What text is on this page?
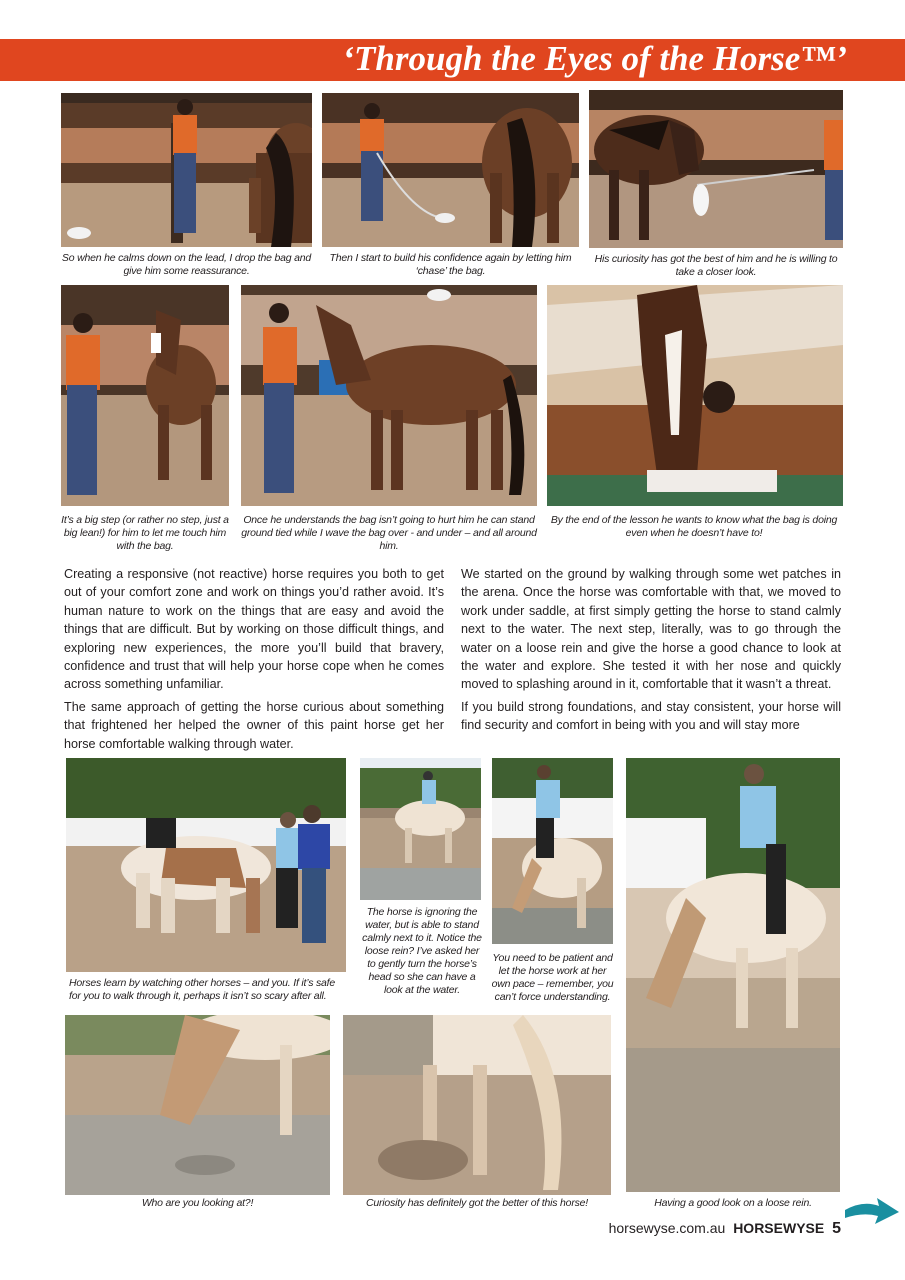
‘Through the Eyes of the Horse™’
So when he calms down on the lead, I drop the bag and give him some reassurance.
Then I start to build his confidence again by letting him ‘chase’ the bag.
His curiosity has got the best of him and he is willing to take a closer look.
It’s a big step (or rather no step, just a big lean!) for him to let me touch him with the bag.
Once he understands the bag isn’t going to hurt him he can stand ground tied while I wave the bag over - and under – and all around him.
By the end of the lesson he wants to know what the bag is doing even when he doesn’t have to!

Creating a responsive (not reactive) horse requires you both to get out of your comfort zone and work on things you’d rather avoid. It’s human nature to work on the things that are easy and avoid the things that are difficult. But by working on those difficult things, and exploring new experiences, the more you’ll build that bravery, confidence and trust that will help your horse cope when he comes across something unfamiliar.

The same approach of getting the horse curious about something that frightened her helped the owner of this paint horse get her horse comfortable walking through water.

We started on the ground by walking through some wet patches in the arena. Once the horse was comfortable with that, we moved to work under saddle, at first simply getting the horse to stand calmly next to the water. The next step, literally, was to go through the water on a loose rein and give the horse a good chance to look at the water and explore. She tested it with her nose and quickly moved to splashing around in it, comfortable that it wasn’t a threat.

If you build strong foundations, and stay consistent, your horse will find security and comfort in being with you and will stay more

Horses learn by watching other horses – and you. If it’s safe for you to walk through it, perhaps it isn’t so scary after all.
The horse is ignoring the water, but is able to stand calmly next to it. Notice the loose rein? I’ve asked her to gently turn the horse’s head so she can have a look at the water.
You need to be patient and let the horse work at her own pace – remember, you can’t force understanding.
Who are you looking at?!	Curiosity has definitely got the better of this horse!	Having a good look on a loose rein.
horsewyse.com.au HORSEWYSE 5
